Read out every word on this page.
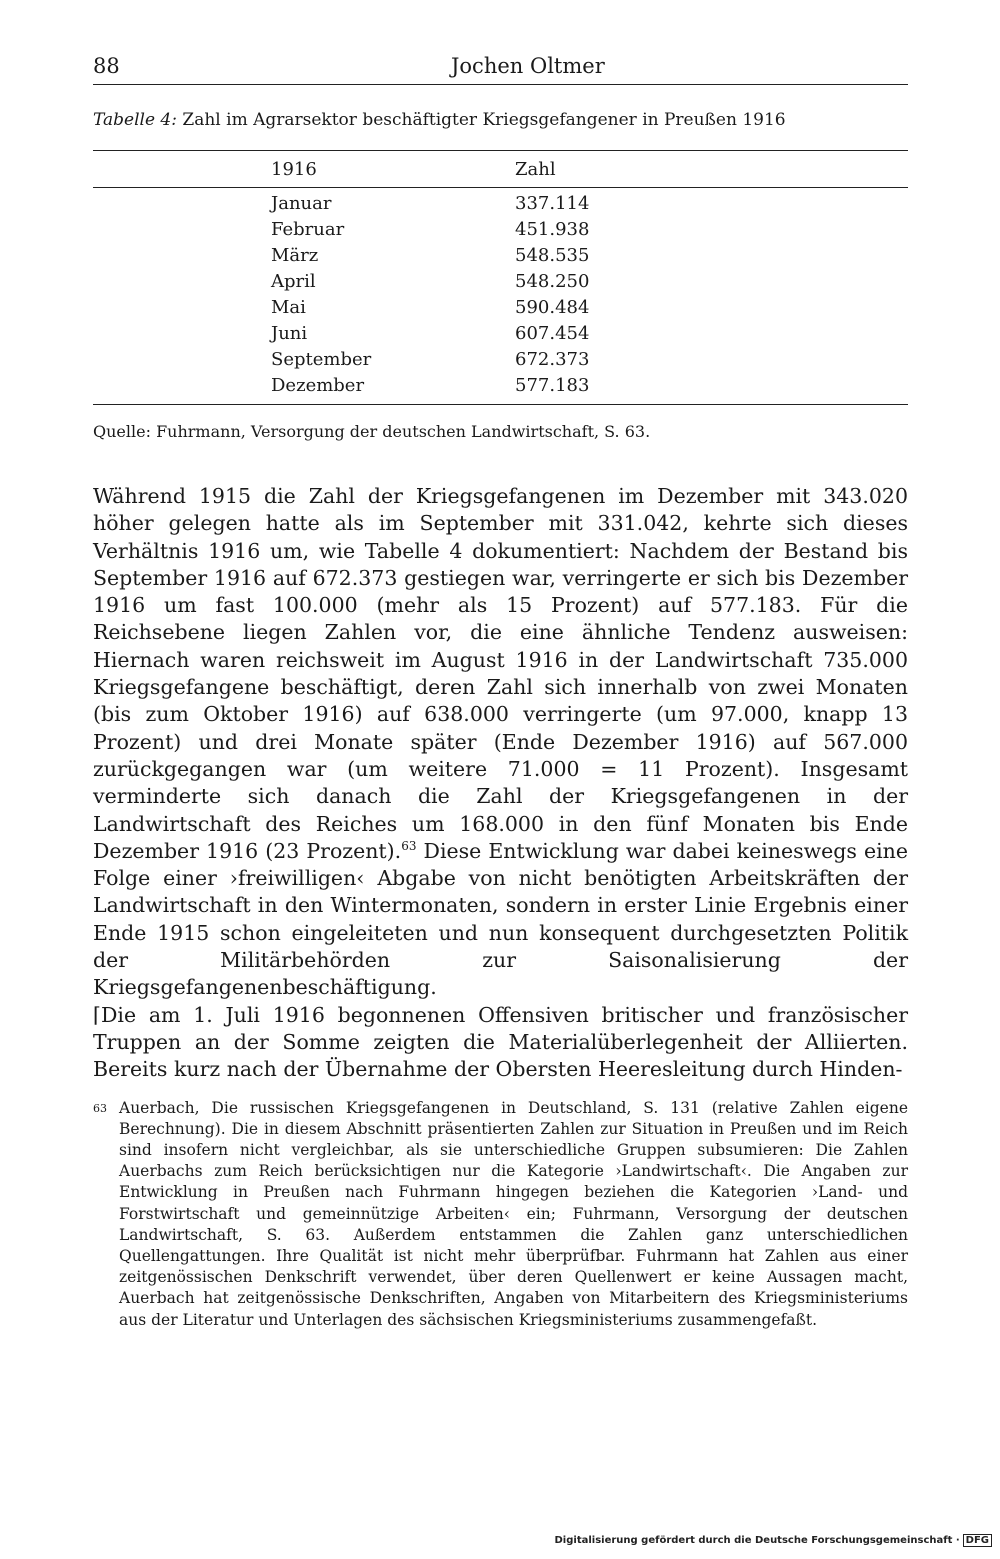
88	Jochen Oltmer
Tabelle 4: Zahl im Agrarsektor beschäftigter Kriegsgefangener in Preußen 1916
1916	Zahl
Januar	337.114
Februar	451.938
März	548.535
April	548.250
Mai	590.484
Juni	607.454
September	672.373
Dezember	577.183
Quelle: Fuhrmann, Versorgung der deutschen Landwirtschaft, S. 63.

Während 1915 die Zahl der Kriegsgefangenen im Dezember mit 343.020 höher gelegen hatte als im September mit 331.042, kehrte sich dieses Verhältnis 1916 um, wie Tabelle 4 dokumentiert: Nachdem der Bestand bis September 1916 auf 672.373 gestiegen war, verringerte er sich bis Dezember 1916 um fast 100.000 (mehr als 15 Prozent) auf 577.183. Für die Reichsebene liegen Zahlen vor, die eine ähnliche Tendenz ausweisen: Hiernach waren reichsweit im August 1916 in der Landwirtschaft 735.000 Kriegsgefangene beschäftigt, deren Zahl sich innerhalb von zwei Monaten (bis zum Oktober 1916) auf 638.000 verringerte (um 97.000, knapp 13 Prozent) und drei Monate später (Ende Dezember 1916) auf 567.000 zurückgegangen war (um weitere 71.000 = 11 Prozent). Insgesamt verminderte sich danach die Zahl der Kriegsgefangenen in der Landwirtschaft des Reiches um 168.000 in den fünf Monaten bis Ende Dezember 1916 (23 Prozent).$^{63}$ Diese Entwicklung war dabei keineswegs eine Folge einer ›freiwilligen‹ Abgabe von nicht benötigten Arbeitskräften der Landwirtschaft in den Wintermonaten, sondern in erster Linie Ergebnis einer Ende 1915 schon eingeleiteten und nun konsequent durchgesetzten Politik der Militärbehörden zur Saisonalisierung der Kriegsgefangenenbeschäftigung.

⌈Die am 1. Juli 1916 begonnenen Offensiven britischer und französischer Truppen an der Somme zeigten die Materialüberlegenheit der Alliierten. Bereits kurz nach der Übernahme der Obersten Heeresleitung durch Hinden-

63 Auerbach, Die russischen Kriegsgefangenen in Deutschland, S. 131 (relative Zahlen eigene Berechnung). Die in diesem Abschnitt präsentierten Zahlen zur Situation in Preußen und im Reich sind insofern nicht vergleichbar, als sie unterschiedliche Gruppen subsumieren: Die Zahlen Auerbachs zum Reich berücksichtigen nur die Kategorie ›Landwirtschaft‹. Die Angaben zur Entwicklung in Preußen nach Fuhrmann hingegen beziehen die Kategorien ›Land- und Forstwirtschaft und gemeinnützige Arbeiten‹ ein; Fuhrmann, Versorgung der deutschen Landwirtschaft, S. 63. Außerdem entstammen die Zahlen ganz unterschiedlichen Quellengattungen. Ihre Qualität ist nicht mehr überprüfbar. Fuhrmann hat Zahlen aus einer zeitgenössischen Denkschrift verwendet, über deren Quellenwert er keine Aussagen macht, Auerbach hat zeitgenössische Denkschriften, Angaben von Mitarbeitern des Kriegsministeriums aus der Literatur und Unterlagen des sächsischen Kriegsministeriums zusammengefaßt.
Digitalisierung gefördert durch die Deutsche Forschungsgemeinschaft · DFG
